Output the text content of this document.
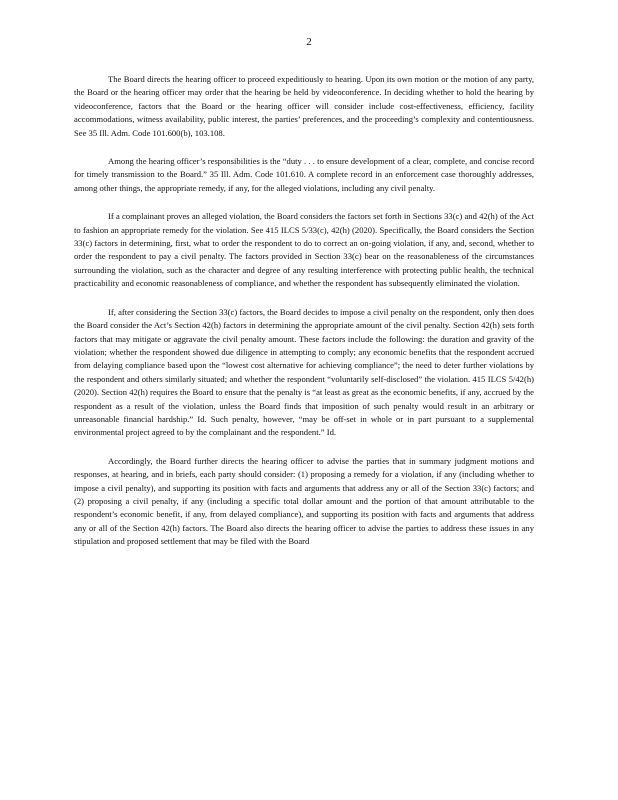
2

The Board directs the hearing officer to proceed expeditiously to hearing. Upon its own motion or the motion of any party, the Board or the hearing officer may order that the hearing be held by videoconference. In deciding whether to hold the hearing by videoconference, factors that the Board or the hearing officer will consider include cost-effectiveness, efficiency, facility accommodations, witness availability, public interest, the parties’ preferences, and the proceeding’s complexity and contentiousness. See 35 Ill. Adm. Code 101.600(b), 103.108.

Among the hearing officer’s responsibilities is the “duty . . . to ensure development of a clear, complete, and concise record for timely transmission to the Board.” 35 Ill. Adm. Code 101.610. A complete record in an enforcement case thoroughly addresses, among other things, the appropriate remedy, if any, for the alleged violations, including any civil penalty.

If a complainant proves an alleged violation, the Board considers the factors set forth in Sections 33(c) and 42(h) of the Act to fashion an appropriate remedy for the violation. See 415 ILCS 5/33(c), 42(h) (2020). Specifically, the Board considers the Section 33(c) factors in determining, first, what to order the respondent to do to correct an on-going violation, if any, and, second, whether to order the respondent to pay a civil penalty. The factors provided in Section 33(c) bear on the reasonableness of the circumstances surrounding the violation, such as the character and degree of any resulting interference with protecting public health, the technical practicability and economic reasonableness of compliance, and whether the respondent has subsequently eliminated the violation.

If, after considering the Section 33(c) factors, the Board decides to impose a civil penalty on the respondent, only then does the Board consider the Act’s Section 42(h) factors in determining the appropriate amount of the civil penalty. Section 42(h) sets forth factors that may mitigate or aggravate the civil penalty amount. These factors include the following: the duration and gravity of the violation; whether the respondent showed due diligence in attempting to comply; any economic benefits that the respondent accrued from delaying compliance based upon the “lowest cost alternative for achieving compliance”; the need to deter further violations by the respondent and others similarly situated; and whether the respondent “voluntarily self-disclosed” the violation. 415 ILCS 5/42(h) (2020). Section 42(h) requires the Board to ensure that the penalty is “at least as great as the economic benefits, if any, accrued by the respondent as a result of the violation, unless the Board finds that imposition of such penalty would result in an arbitrary or unreasonable financial hardship.” Id. Such penalty, however, “may be off-set in whole or in part pursuant to a supplemental environmental project agreed to by the complainant and the respondent.” Id.

Accordingly, the Board further directs the hearing officer to advise the parties that in summary judgment motions and responses, at hearing, and in briefs, each party should consider: (1) proposing a remedy for a violation, if any (including whether to impose a civil penalty), and supporting its position with facts and arguments that address any or all of the Section 33(c) factors; and (2) proposing a civil penalty, if any (including a specific total dollar amount and the portion of that amount attributable to the respondent’s economic benefit, if any, from delayed compliance), and supporting its position with facts and arguments that address any or all of the Section 42(h) factors. The Board also directs the hearing officer to advise the parties to address these issues in any stipulation and proposed settlement that may be filed with the Board
